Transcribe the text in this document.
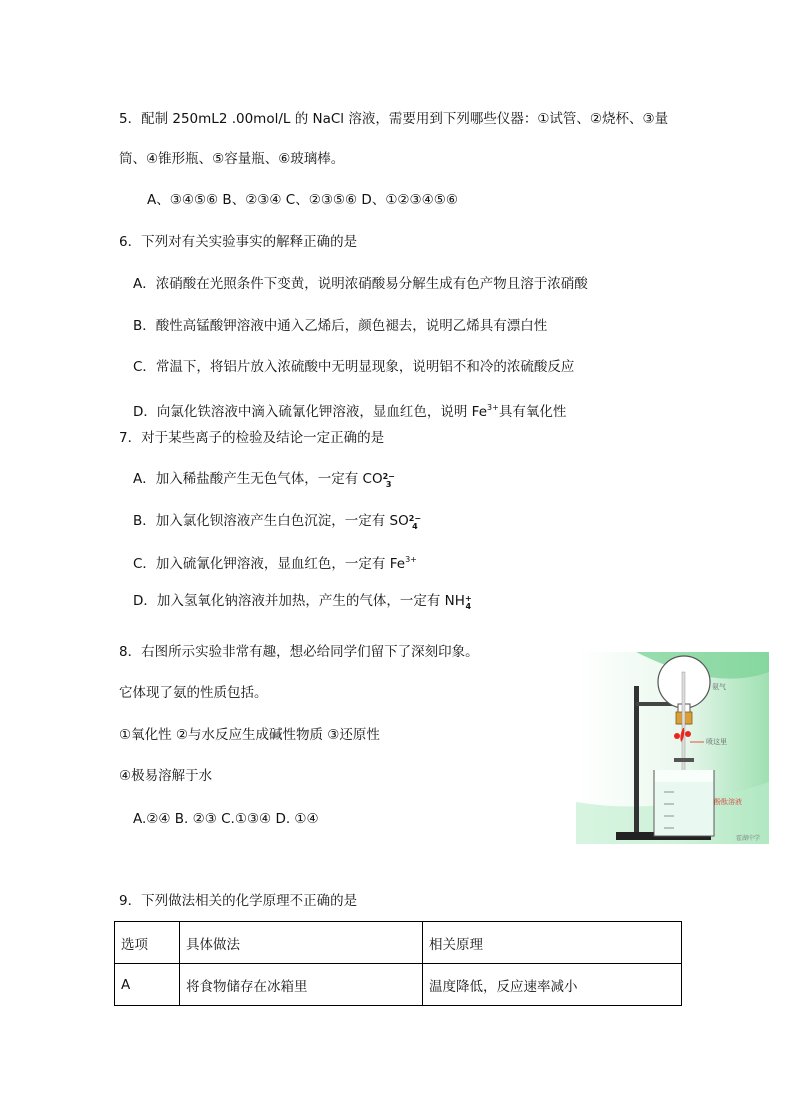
5．配制 250mL2 .00mol/L 的 NaCl 溶液，需要用到下列哪些仪器：①试管、②烧杯、③量
筒、④锥形瓶、⑤容量瓶、⑥玻璃棒。
A、③④⑤⑥ B、②③④ C、②③⑤⑥ D、①②③④⑤⑥
6．下列对有关实验事实的解释正确的是
A．浓硝酸在光照条件下变黄，说明浓硝酸易分解生成有色产物且溶于浓硝酸
B．酸性高锰酸钾溶液中通入乙烯后，颜色褪去，说明乙烯具有漂白性
C．常温下，将铝片放入浓硫酸中无明显现象，说明铝不和冷的浓硫酸反应
D．向氯化铁溶液中滴入硫氰化钾溶液，显血红色，说明 $Fe^{3+}$具有氧化性
7．对于某些离子的检验及结论一定正确的是
A．加入稀盐酸产生无色气体，一定有 CO 2−
3
B．加入氯化钡溶液产生白色沉淀，一定有 SO 2−
4
C．加入硫氰化钾溶液，显血红色，一定有 $Fe^{3+}$
D．加入氢氧化钠溶液并加热，产生的气体，一定有 NH +
4
8．右图所示实验非常有趣，想必给同学们留下了深刻印象。
它体现了氨的性质包括。
①氧化性 ②与水反应生成碱性物质 ③还原性
④极易溶解于水
A.②④ B. ②③ C.①③④ D. ①④
氨气
喷这里
酚酞溶液
霍湖中学
9．下列做法相关的化学原理不正确的是
选项	具体做法	相关原理
A	将食物储存在冰箱里	温度降低，反应速率减小
